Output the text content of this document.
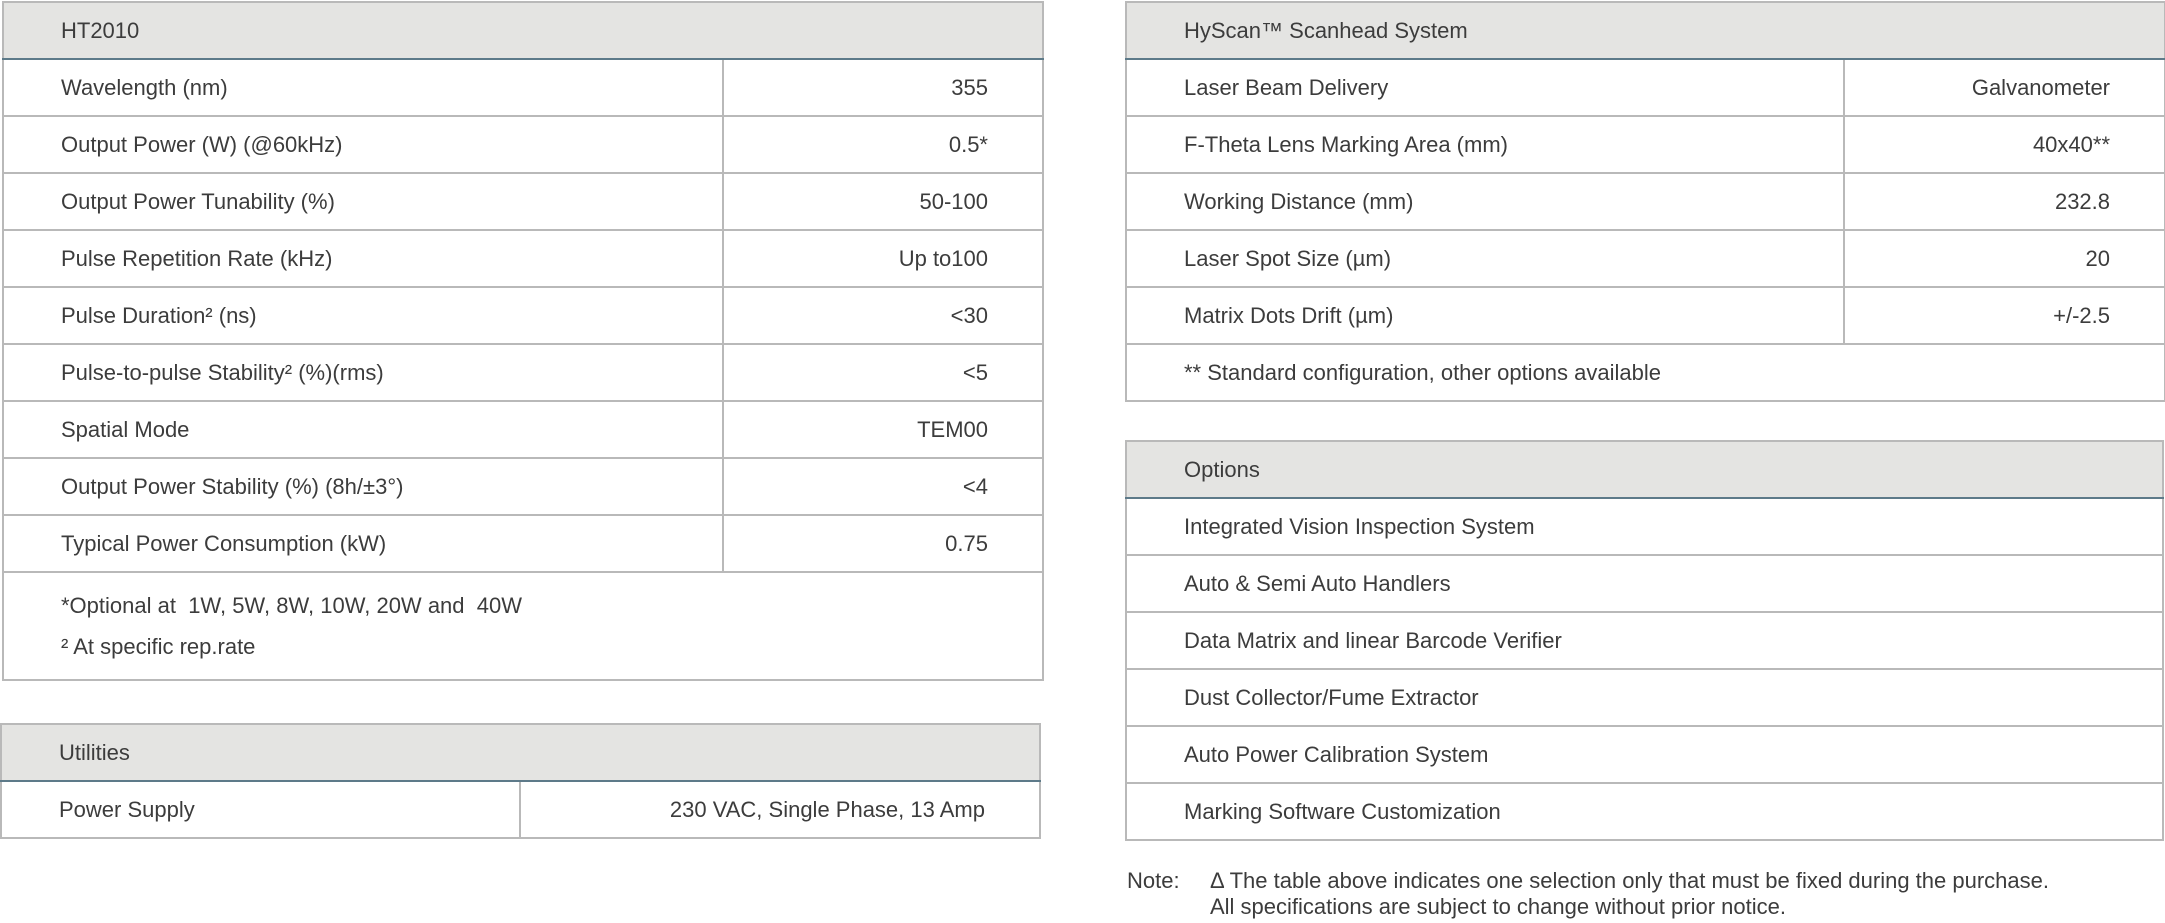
HT2010	
Wavelength (nm)	355
Output Power (W) (@60kHz)	0.5*
Output Power Tunability (%)	50-100
Pulse Repetition Rate (kHz)	Up to100
Pulse Duration² (ns)	<30
Pulse-to-pulse Stability² (%)(rms)	<5
Spatial Mode	TEM00
Output Power Stability (%) (8h/±3°)	<4
Typical Power Consumption (kW)	0.75

*Optional at  1W, 5W, 8W, 10W, 20W and  40W
² At specific rep.rate	
Utilities
Power Supply	230 VAC, Single Phase, 13 Amp
HyScan™ Scanhead System	
Laser Beam Delivery	Galvanometer
F-Theta Lens Marking Area (mm)	40x40**
Working Distance (mm)	232.8
Laser Spot Size (µm)	20
Matrix Dots Drift (µm)	+/-2.5
** Standard configuration, other options available	
Options
Integrated Vision Inspection System
Auto & Semi Auto Handlers
Data Matrix and linear Barcode Verifier
Dust Collector/Fume Extractor
Auto Power Calibration System
Marking Software Customization
Note:	Δ The table above indicates one selection only that must be fixed during the purchase.
All specifications are subject to change without prior notice.
